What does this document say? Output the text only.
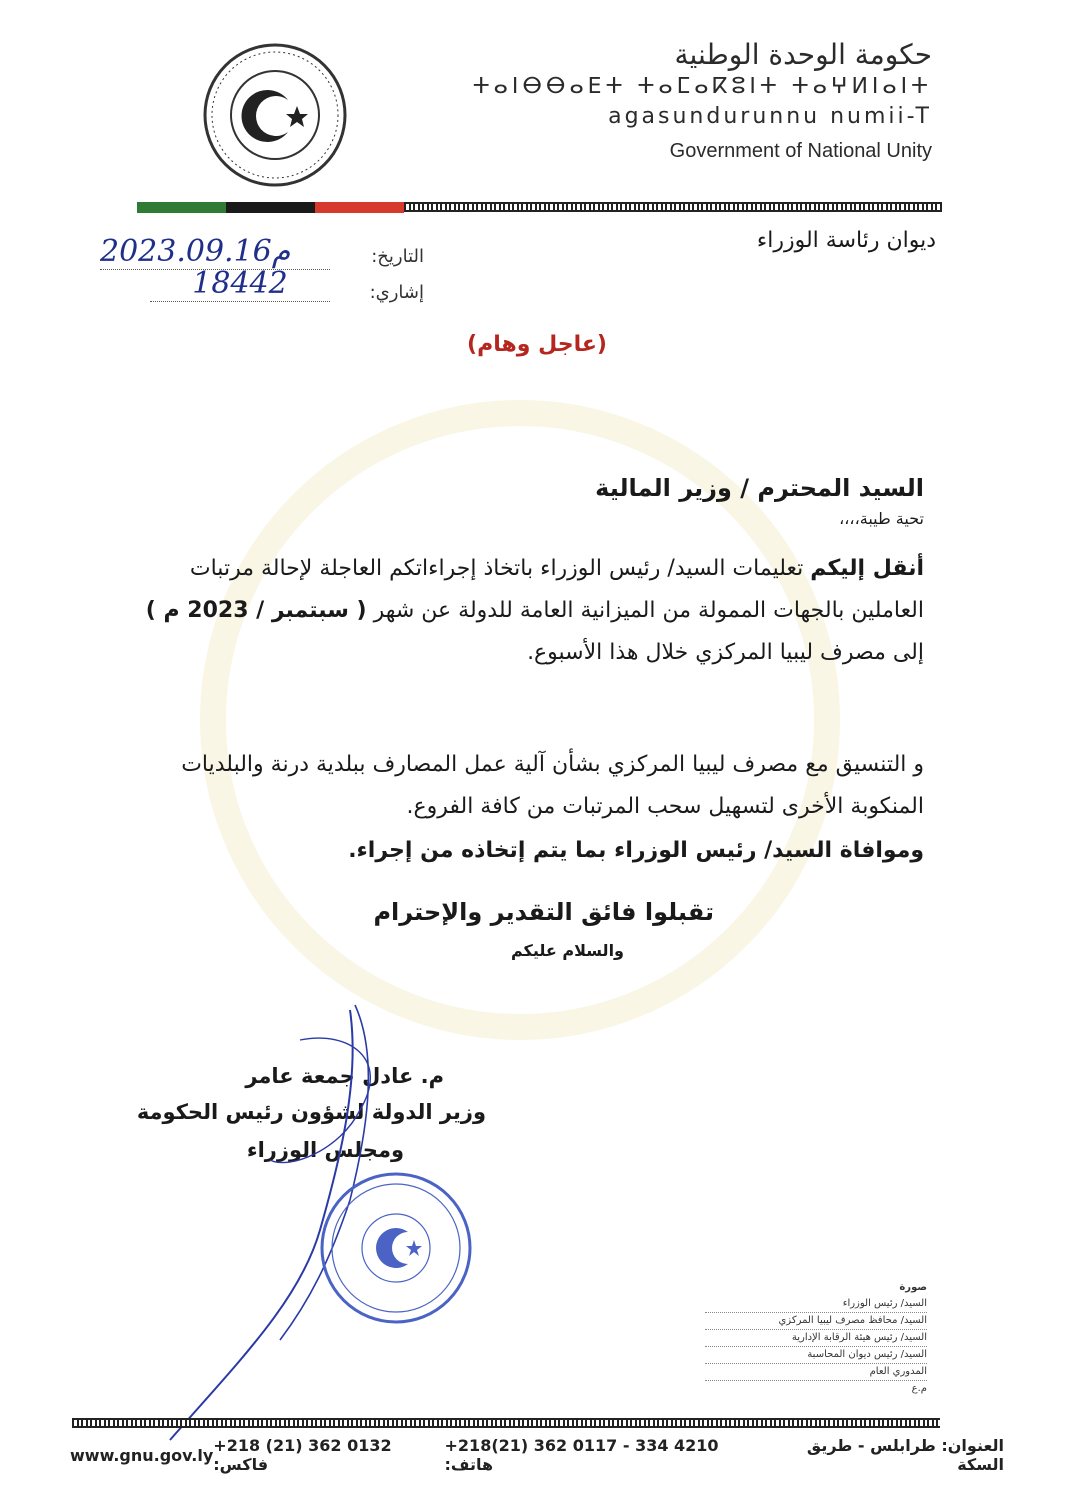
حكومة الوحدة الوطنية
ⵜⴰⵏⴱⴱⴰⴹⵜ ⵜⴰⵎⴰⴽⵓⵏⵜ ⵜⴰⵖⵍⵏⴰⵏⵜ
agasundurunnu numii-T
Government of National Unity
ديوان رئاسة الوزراء
التاريخ:
2023.09.16م
إشاري:
18442
(عاجل وهام)
السيد المحترم / وزير المالية
تحية طيبة،،،،
أنقل إليكم تعليمات السيد/ رئيس الوزراء باتخاذ إجراءاتكم العاجلة لإحالة مرتبات العاملين بالجهات الممولة من الميزانية العامة للدولة عن شهر ( سبتمبر / 2023 م ) إلى مصرف ليبيا المركزي خلال هذا الأسبوع.
و التنسيق مع مصرف ليبيا المركزي بشأن آلية عمل المصارف ببلدية درنة والبلديات المنكوبة الأخرى لتسهيل سحب المرتبات من كافة الفروع.
وموافاة السيد/ رئيس الوزراء بما يتم إتخاذه من إجراء.
تقبلوا فائق التقدير والإحترام
والسلام عليكم
م. عادل جمعة عامر
وزير الدولة لشؤون رئيس الحكومة
ومجلس الوزراء
صورة
السيد/ رئيس الوزراء
السيد/ محافظ مصرف ليبيا المركزي
السيد/ رئيس هيئة الرقابة الإدارية
السيد/ رئيس ديوان المحاسبة
المدوري العام
م.ع
www.gnu.gov.ly +218 (21) 362 0132 فاكس:
+218(21) 362 0117 - 334 4210 هاتف:
العنوان: طرابلس - طريق السكة
